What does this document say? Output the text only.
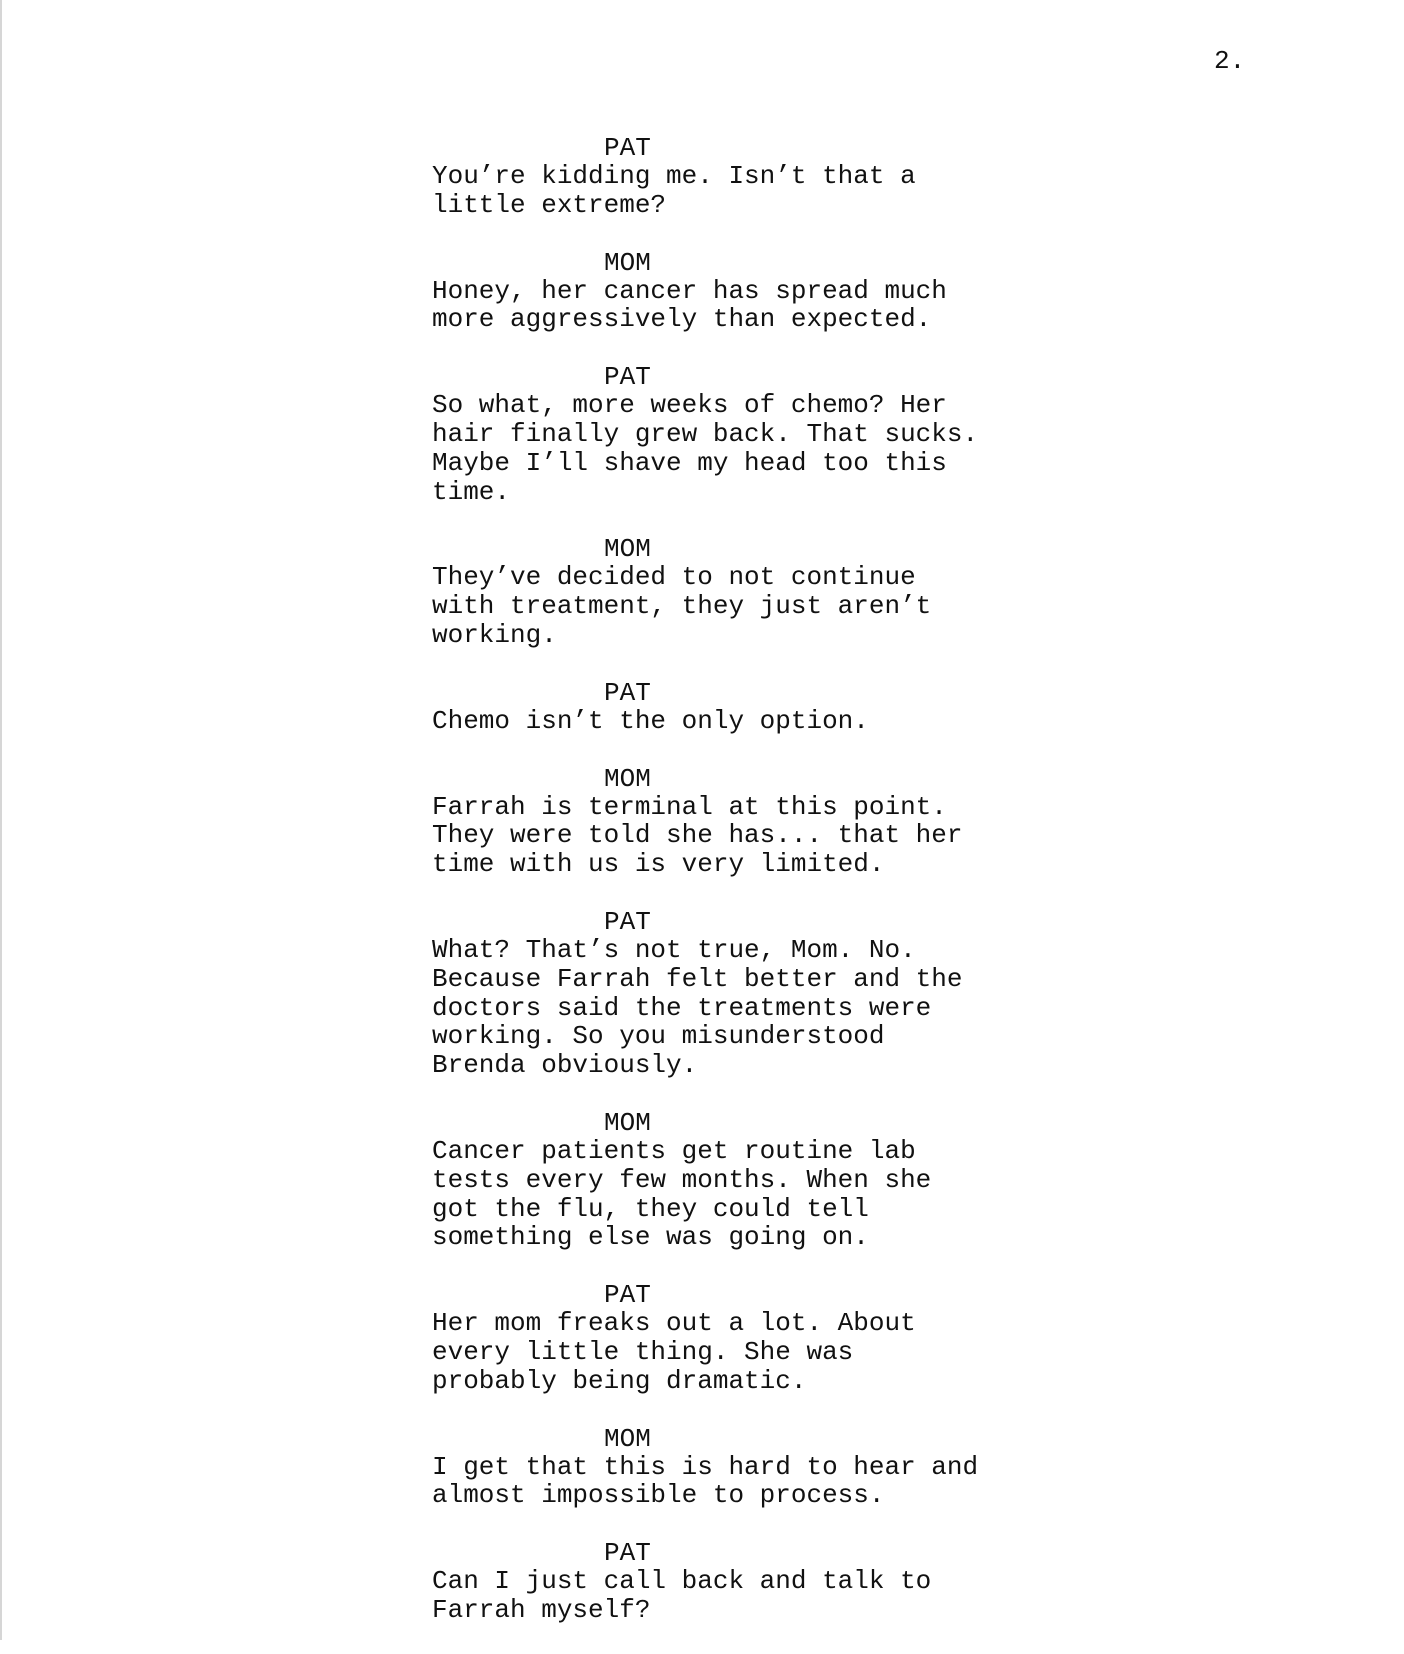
2.
PAT
You’re kidding me. Isn’t that a
little extreme?
MOM
Honey, her cancer has spread much
more aggressively than expected.
PAT
So what, more weeks of chemo? Her
hair finally grew back. That sucks.
Maybe I’ll shave my head too this
time.
MOM
They’ve decided to not continue
with treatment, they just aren’t
working.
PAT
Chemo isn’t the only option.
MOM
Farrah is terminal at this point.
They were told she has... that her
time with us is very limited.
PAT
What? That’s not true, Mom. No.
Because Farrah felt better and the
doctors said the treatments were
working. So you misunderstood
Brenda obviously.
MOM
Cancer patients get routine lab
tests every few months. When she
got the flu, they could tell
something else was going on.
PAT
Her mom freaks out a lot. About
every little thing. She was
probably being dramatic.
MOM
I get that this is hard to hear and
almost impossible to process.
PAT
Can I just call back and talk to
Farrah myself?
